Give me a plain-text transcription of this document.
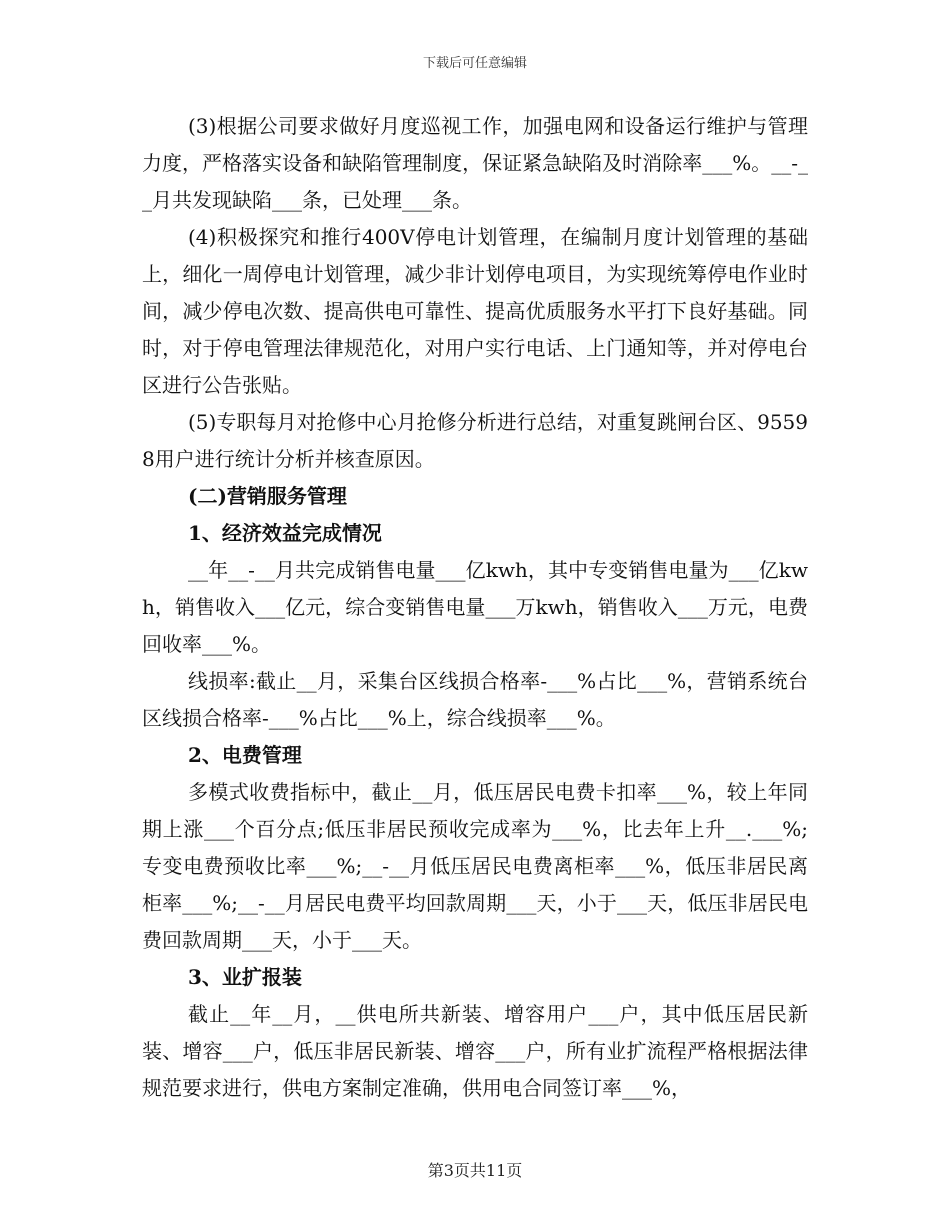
下载后可任意编辑

(3)根据公司要求做好月度巡视工作，加强电网和设备运行维护与管理力度，严格落实设备和缺陷管理制度，保证紧急缺陷及时消除率___%。__-__月共发现缺陷___条，已处理___条。

(4)积极探究和推行400V停电计划管理，在编制月度计划管理的基础上，细化一周停电计划管理，减少非计划停电项目，为实现统筹停电作业时间，减少停电次数、提高供电可靠性、提高优质服务水平打下良好基础。同时，对于停电管理法律规范化，对用户实行电话、上门通知等，并对停电台区进行公告张贴。

(5)专职每月对抢修中心月抢修分析进行总结，对重复跳闸台区、95598用户进行统计分析并核查原因。

(二)营销服务管理

1、经济效益完成情况

__年__-__月共完成销售电量___亿kwh，其中专变销售电量为___亿kwh，销售收入___亿元，综合变销售电量___万kwh，销售收入___万元，电费回收率___%。

线损率:截止__月，采集台区线损合格率-___%占比___%，营销系统台区线损合格率-___%占比___%上，综合线损率___%。

2、电费管理

多模式收费指标中，截止__月，低压居民电费卡扣率___%，较上年同期上涨___个百分点;低压非居民预收完成率为___%，比去年上升__.___%;专变电费预收比率___%;__-__月低压居民电费离柜率___%，低压非居民离柜率___%;__-__月居民电费平均回款周期___天，小于___天，低压非居民电费回款周期___天，小于___天。

3、业扩报装

截止__年__月，__供电所共新装、增容用户___户，其中低压居民新装、增容___户，低压非居民新装、增容___户，所有业扩流程严格根据法律规范要求进行，供电方案制定准确，供用电合同签订率___%，

第3页共11页
